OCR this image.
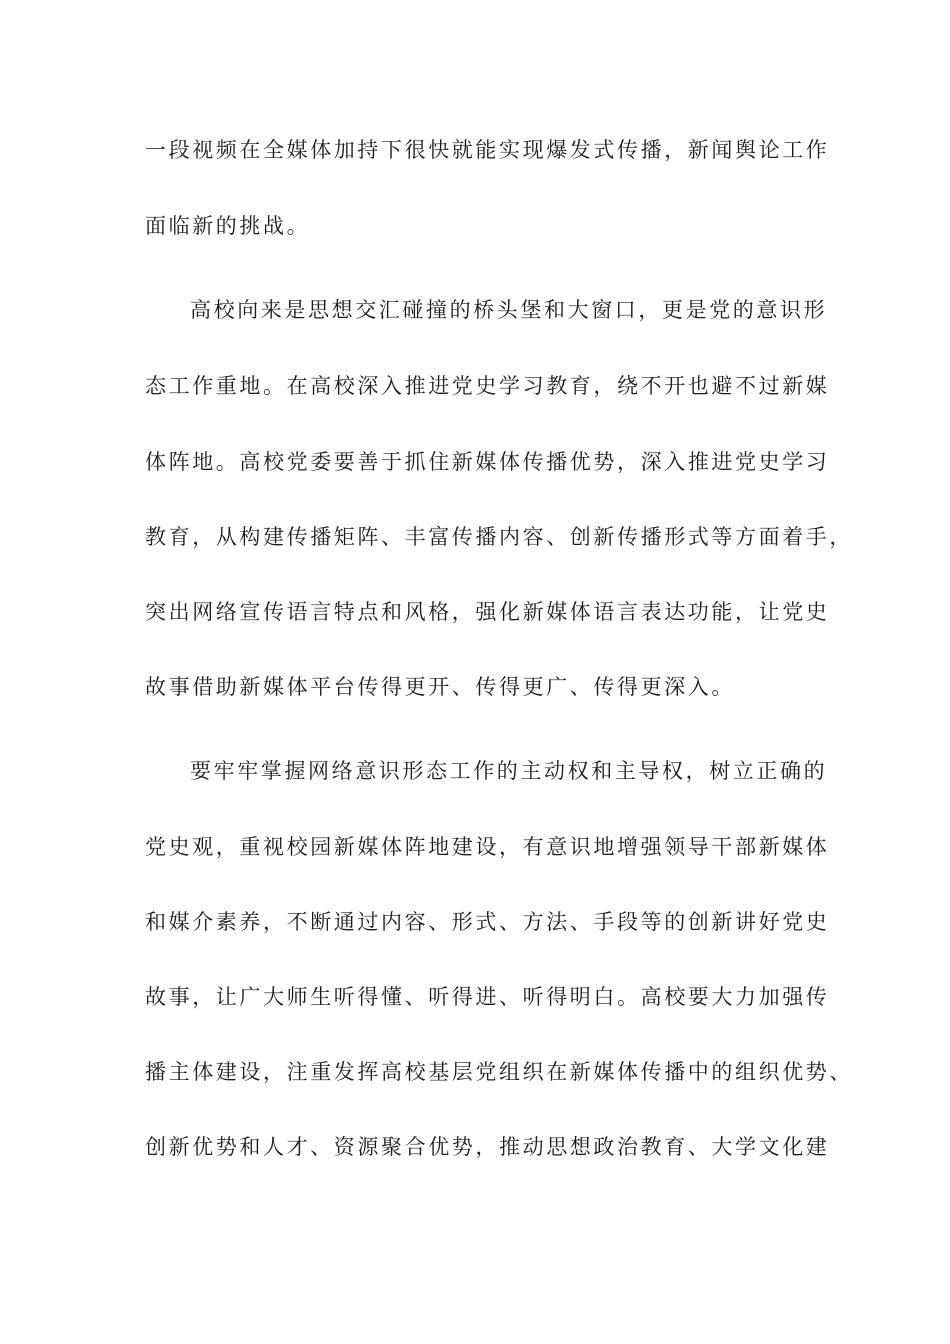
一段视频在全媒体加持下很快就能实现爆发式传播，新闻舆论工作
面临新的挑战。
高校向来是思想交汇碰撞的桥头堡和大窗口，更是党的意识形
态工作重地。在高校深入推进党史学习教育，绕不开也避不过新媒
体阵地。高校党委要善于抓住新媒体传播优势，深入推进党史学习
教育，从构建传播矩阵、丰富传播内容、创新传播形式等方面着手，
突出网络宣传语言特点和风格，强化新媒体语言表达功能，让党史
故事借助新媒体平台传得更开、传得更广、传得更深入。
要牢牢掌握网络意识形态工作的主动权和主导权，树立正确的
党史观，重视校园新媒体阵地建设，有意识地增强领导干部新媒体
和媒介素养，不断通过内容、形式、方法、手段等的创新讲好党史
故事，让广大师生听得懂、听得进、听得明白。高校要大力加强传
播主体建设，注重发挥高校基层党组织在新媒体传播中的组织优势、
创新优势和人才、资源聚合优势，推动思想政治教育、大学文化建
